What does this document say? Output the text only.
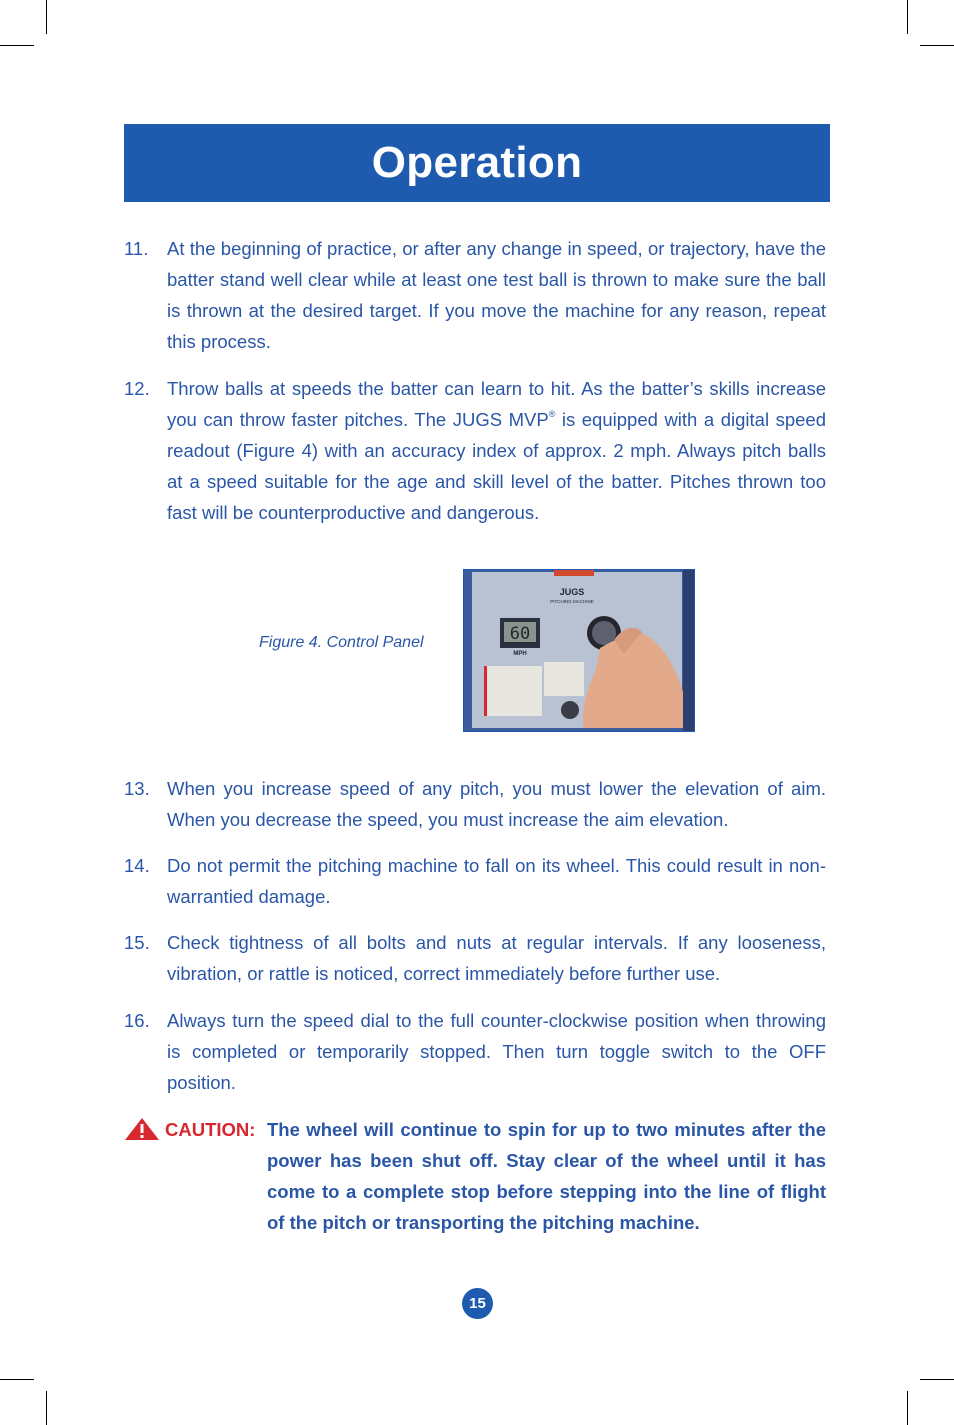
Operation
11.	At the beginning of practice, or after any change in speed, or trajectory, have the batter stand well clear while at least one test ball is thrown to make sure the ball is thrown at the desired target. If you move the machine for any reason, repeat this process.
12. Throw balls at speeds the batter can learn to hit. As the batter’s skills increase you can throw faster pitches. The JUGS MVP® is equipped with a digital speed readout (Figure 4) with an accuracy index of approx. 2 mph. Always pitch balls at a speed suitable for the age and skill level of the batter. Pitches thrown too fast will be counterproductive and dangerous.
Figure 4. Control Panel
JUGS
PITCHING MACHINE
60
MPH
13. When you increase speed of any pitch, you must lower the elevation of aim. When you decrease the speed, you must increase the aim elevation.
14. Do not permit the pitching machine to fall on its wheel. This could result in non-warrantied damage.
15. Check tightness of all bolts and nuts at regular intervals. If any looseness, vibration, or rattle is noticed, correct immediately before further use.
16. Always turn the speed dial to the full counter-clockwise position when throwing is completed or temporarily stopped. Then turn toggle switch to the OFF position.
CAUTION: The wheel will continue to spin for up to two minutes after the power has been shut off. Stay clear of the wheel until it has come to a complete stop before stepping into the line of flight of the pitch or transporting the pitching machine.
15
